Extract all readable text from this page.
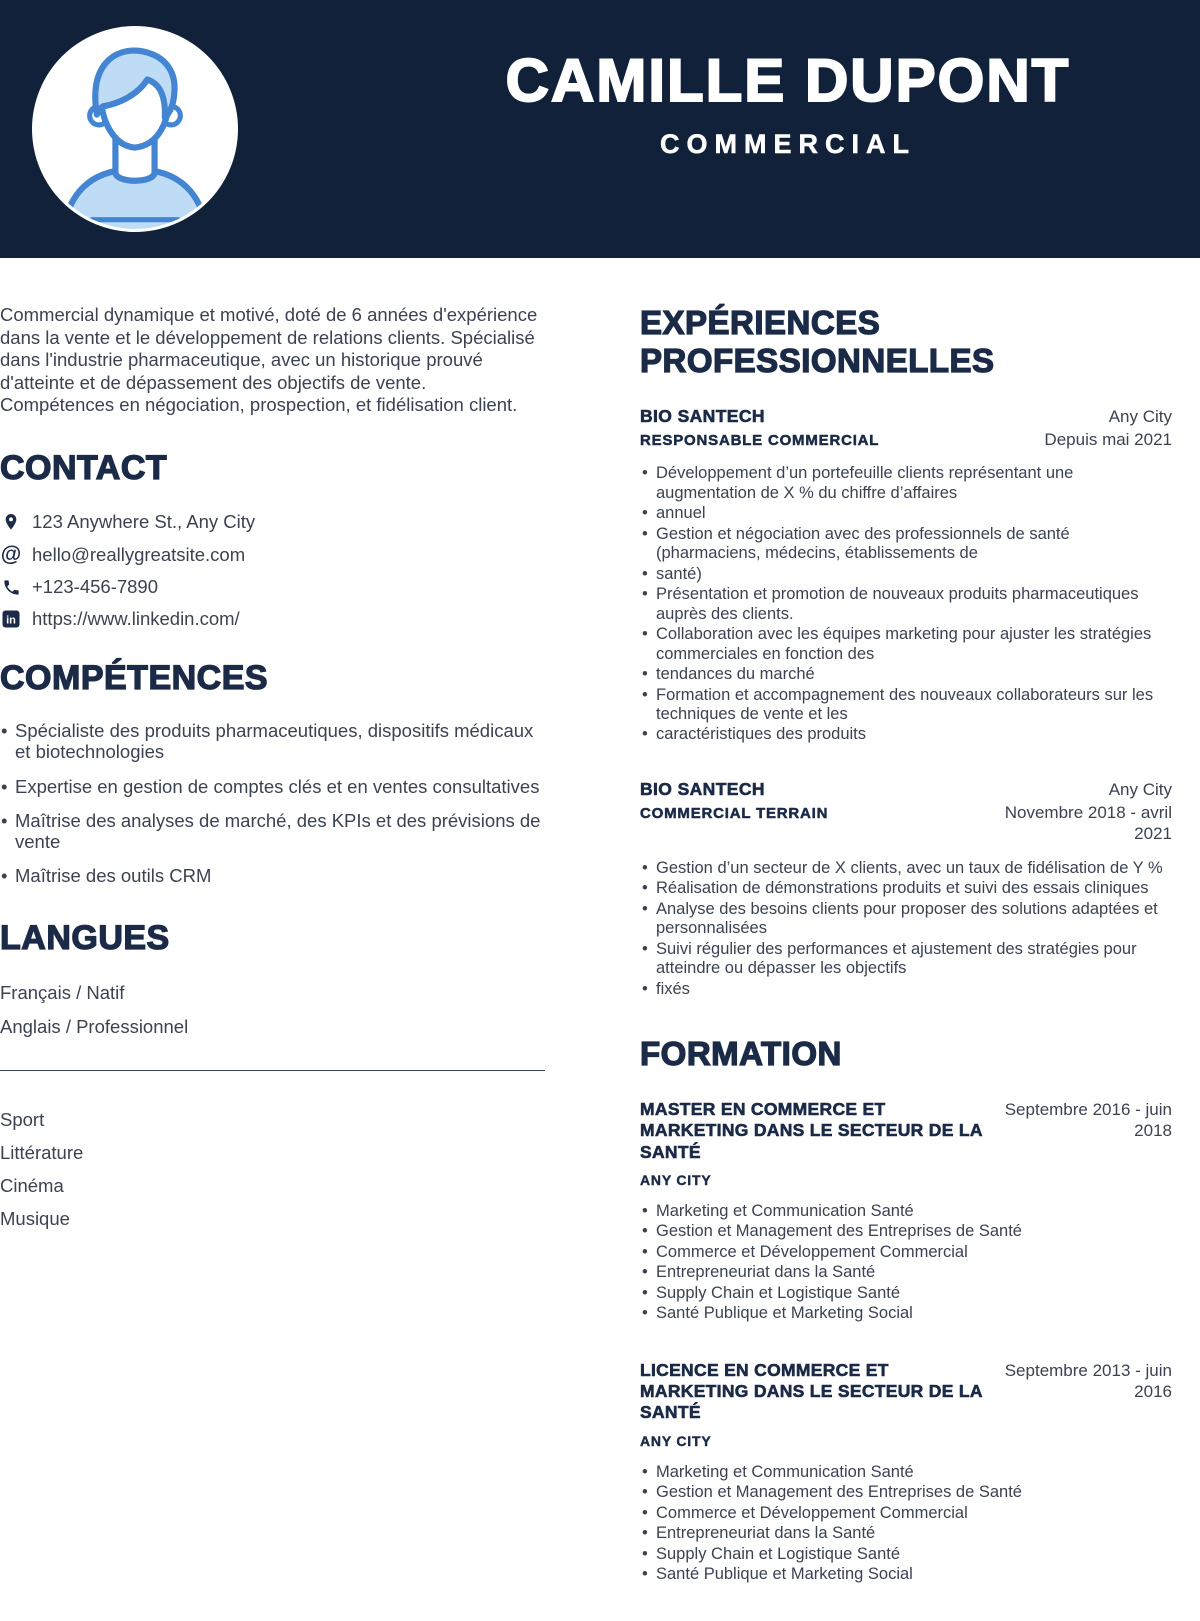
CAMILLE DUPONT
COMMERCIAL

Commercial dynamique et motivé, doté de 6 années d'expérience dans la vente et le développement de relations clients. Spécialisé dans l'industrie pharmaceutique, avec un historique prouvé d'atteinte et de dépassement des objectifs de vente. Compétences en négociation, prospection, et fidélisation client.

CONTACT
123 Anywhere St., Any City
@ hello@reallygreatsite.com
+123-456-7890
in https://www.linkedin.com/
COMPÉTENCES
• Spécialiste des produits pharmaceutiques, dispositifs médicaux et biotechnologies
• Expertise en gestion de comptes clés et en ventes consultatives
• Maîtrise des analyses de marché, des KPIs et des prévisions de vente
• Maîtrise des outils CRM
LANGUES
Français / Natif
Anglais / Professionnel
Sport
Littérature
Cinéma
Musique
EXPÉRIENCES PROFESSIONNELLES
BIO SANTECH	Any City
RESPONSABLE COMMERCIAL	Depuis mai 2021
• Développement d’un portefeuille clients représentant une augmentation de X % du chiffre d’affaires
• annuel
• Gestion et négociation avec des professionnels de santé (pharmaciens, médecins, établissements de
• santé)
• Présentation et promotion de nouveaux produits pharmaceutiques auprès des clients.
• Collaboration avec les équipes marketing pour ajuster les stratégies commerciales en fonction des
• tendances du marché
• Formation et accompagnement des nouveaux collaborateurs sur les techniques de vente et les
• caractéristiques des produits
BIO SANTECH	Any City
COMMERCIAL TERRAIN	Novembre 2018 - avril 2021
• Gestion d’un secteur de X clients, avec un taux de fidélisation de Y %
• Réalisation de démonstrations produits et suivi des essais cliniques
• Analyse des besoins clients pour proposer des solutions adaptées et personnalisées
• Suivi régulier des performances et ajustement des stratégies pour atteindre ou dépasser les objectifs
• fixés
FORMATION
MASTER EN COMMERCE ET MARKETING DANS LE SECTEUR DE LA SANTÉ
Septembre 2016 - juin 2018
ANY CITY
• Marketing et Communication Santé
• Gestion et Management des Entreprises de Santé
• Commerce et Développement Commercial
• Entrepreneuriat dans la Santé
• Supply Chain et Logistique Santé
• Santé Publique et Marketing Social
LICENCE EN COMMERCE ET MARKETING DANS LE SECTEUR DE LA SANTÉ
Septembre 2013 - juin 2016
ANY CITY
• Marketing et Communication Santé
• Gestion et Management des Entreprises de Santé
• Commerce et Développement Commercial
• Entrepreneuriat dans la Santé
• Supply Chain et Logistique Santé
• Santé Publique et Marketing Social
